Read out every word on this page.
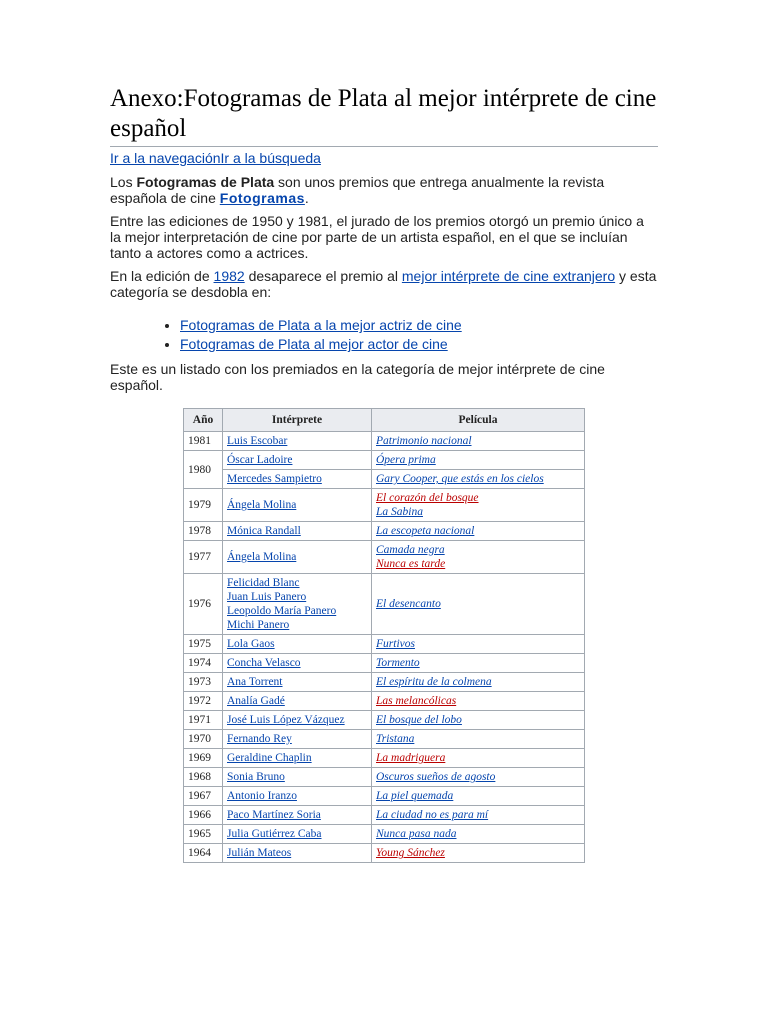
Anexo:Fotogramas de Plata al mejor intérprete de cine español
Ir a la navegaciónIr a la búsqueda

Los Fotogramas de Plata son unos premios que entrega anualmente la revista española de cine Fotogramas.

Entre las ediciones de 1950 y 1981, el jurado de los premios otorgó un premio único a la mejor interpretación de cine por parte de un artista español, en el que se incluían tanto a actores como a actrices.

En la edición de 1982 desaparece el premio al mejor intérprete de cine extranjero y esta categoría se desdobla en:

• Fotogramas de Plata a la mejor actriz de cine
• Fotogramas de Plata al mejor actor de cine

Este es un listado con los premiados en la categoría de mejor intérprete de cine español.

Año	Intérprete	Película
1981	Luis Escobar	Patrimonio nacional

1980	Óscar Ladoire	Ópera prima

	Mercedes Sampietro	Gary Cooper, que estás en los cielos

1979	Ángela Molina	El corazón del bosque
La Sabina

1978	Mónica Randall	La escopeta nacional

1977	Ángela Molina	Camada negra
Nunca es tarde

1976	Felicidad Blanc
Juan Luis Panero
Leopoldo María Panero
Michi Panero	El desencanto

1975	Lola Gaos	Furtivos

1974	Concha Velasco	Tormento

1973	Ana Torrent	El espíritu de la colmena

1972	Analía Gadé	Las melancólicas

1971	José Luis López Vázquez	El bosque del lobo

1970	Fernando Rey	Tristana

1969	Geraldine Chaplin	La madriguera

1968	Sonia Bruno	Oscuros sueños de agosto

1967	Antonio Iranzo	La piel quemada

1966	Paco Martínez Soria	La ciudad no es para mí

1965	Julia Gutiérrez Caba	Nunca pasa nada

1964	Julián Mateos	Young Sánchez
